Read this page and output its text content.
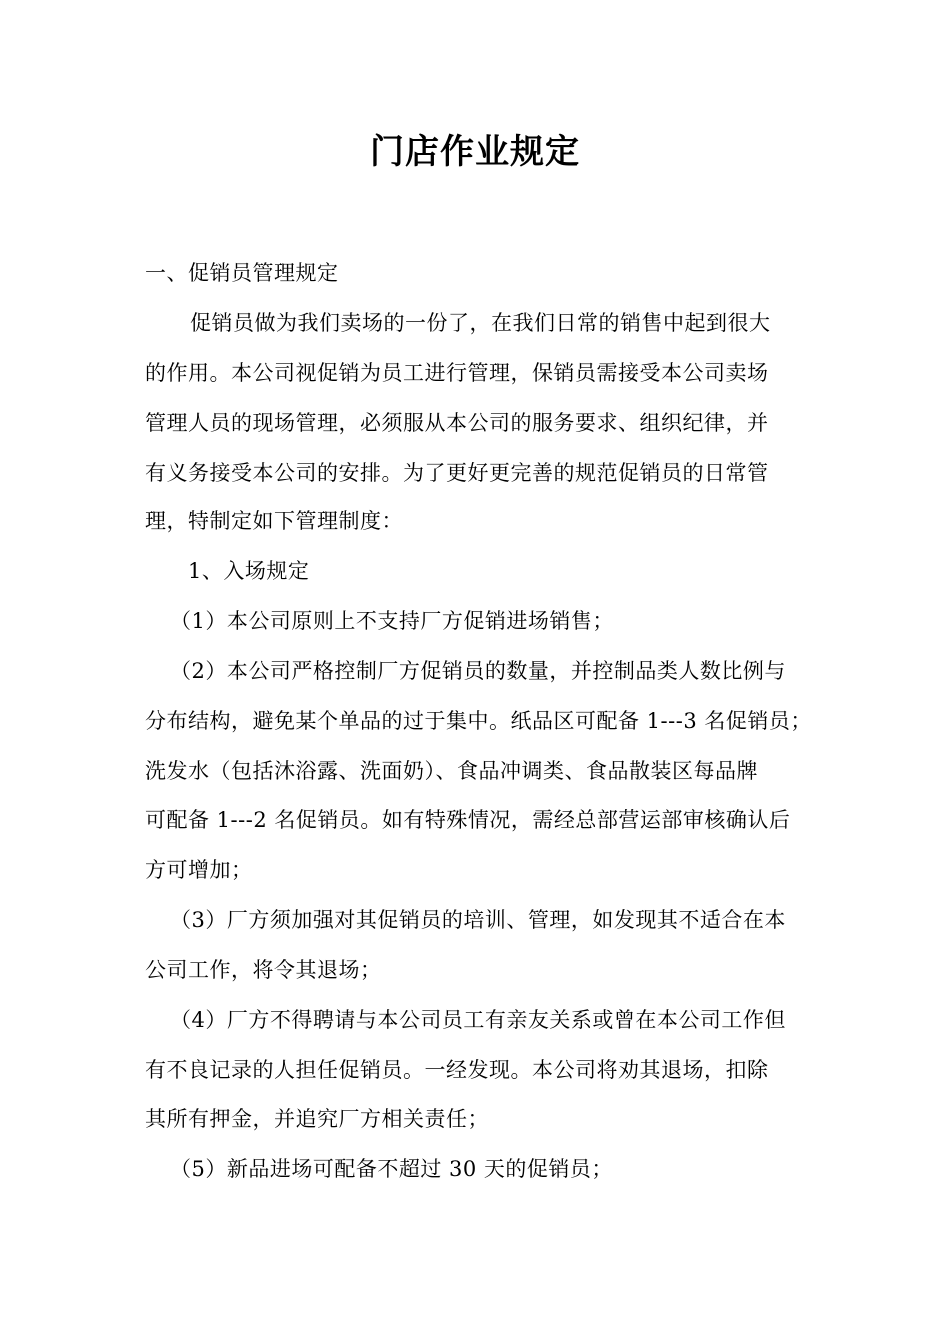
门店作业规定
一、促销员管理规定
促销员做为我们卖场的一份了，在我们日常的销售中起到很大
的作用。本公司视促销为员工进行管理，保销员需接受本公司卖场
管理人员的现场管理，必须服从本公司的服务要求、组织纪律，并
有义务接受本公司的安排。为了更好更完善的规范促销员的日常管
理，特制定如下管理制度：
1、入场规定
（1）本公司原则上不支持厂方促销进场销售；
（2）本公司严格控制厂方促销员的数量，并控制品类人数比例与
分布结构，避免某个单品的过于集中。纸品区可配备 1---3 名促销员；
洗发水（包括沐浴露、洗面奶）、食品冲调类、食品散装区每品牌
可配备 1---2 名促销员。如有特殊情况，需经总部营运部审核确认后
方可增加；
（3）厂方须加强对其促销员的培训、管理，如发现其不适合在本
公司工作，将令其退场；
（4）厂方不得聘请与本公司员工有亲友关系或曾在本公司工作但
有不良记录的人担任促销员。一经发现。本公司将劝其退场，扣除
其所有押金，并追究厂方相关责任；
（5）新品进场可配备不超过 30 天的促销员；
